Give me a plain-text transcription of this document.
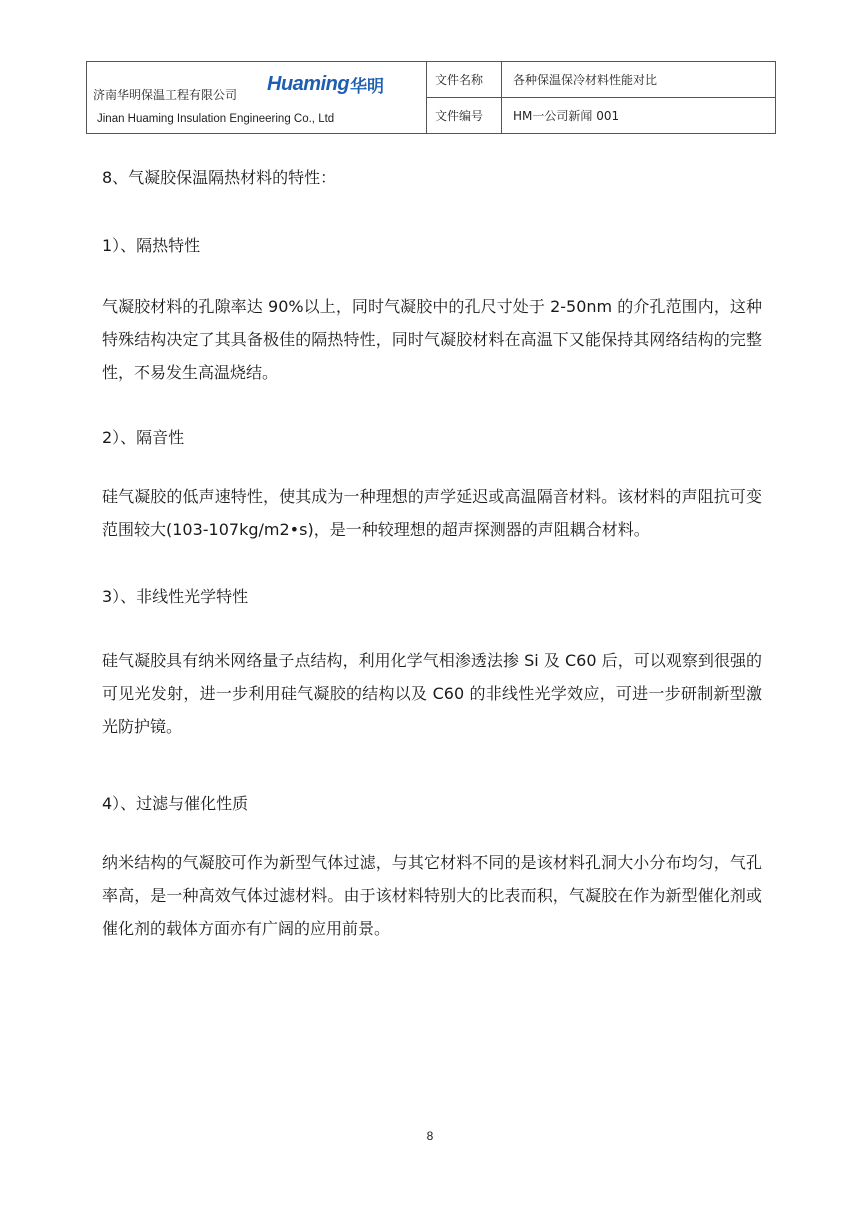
济南华明保温工程有限公司
Huaming 华明
Jinan Huaming Insulation Engineering Co., Ltd
文件名称	各种保温保冷材料性能对比
文件编号	HM一公司新闻 001
8、气凝胶保温隔热材料的特性：
1）、隔热特性

气凝胶材料的孔隙率达 90%以上，同时气凝胶中的孔尺寸处于 2-50nm 的介孔范围内，这种特殊结构决定了其具备极佳的隔热特性，同时气凝胶材料在高温下又能保持其网络结构的完整性，不易发生高温烧结。

2）、隔音性

硅气凝胶的低声速特性，使其成为一种理想的声学延迟或高温隔音材料。该材料的声阻抗可变范围较大(103-107kg/m2•s)，是一种较理想的超声探测器的声阻耦合材料。

3）、非线性光学特性

硅气凝胶具有纳米网络量子点结构，利用化学气相渗透法掺 Si 及 C60 后，可以观察到很强的可见光发射，进一步利用硅气凝胶的结构以及 C60 的非线性光学效应，可进一步研制新型激光防护镜。

4）、过滤与催化性质

纳米结构的气凝胶可作为新型气体过滤，与其它材料不同的是该材料孔洞大小分布均匀，气孔率高，是一种高效气体过滤材料。由于该材料特别大的比表而积，气凝胶在作为新型催化剂或催化剂的载体方面亦有广阔的应用前景。

8
